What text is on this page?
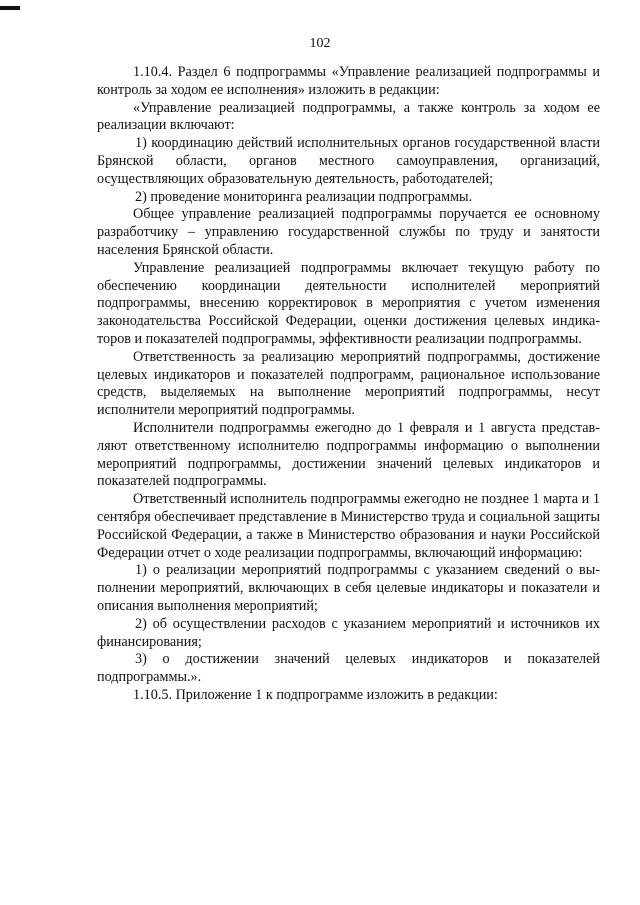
102

1.10.4. Раздел 6 подпрограммы «Управление реализацией подпрограммы и контроль за ходом ее исполнения» изложить в редакции:

«Управление реализацией подпрограммы, а также контроль за ходом ее реализации включают:

1) координацию действий исполнительных органов государственной власти Брянской области, органов местного самоуправления, организаций, осуществляющих образовательную деятельность, работодателей;

2) проведение мониторинга реализации подпрограммы.

Общее управление реализацией подпрограммы поручается ее основному разработчику – управлению государственной службы по труду и занятости населения Брянской области.

Управление реализацией подпрограммы включает текущую работу по обеспечению координации деятельности исполнителей мероприятий подпрограммы, внесению корректировок в мероприятия с учетом изменения законодательства Российской Федерации, оценки достижения целевых индикаторов и показателей подпрограммы, эффективности реализации подпрограммы.

Ответственность за реализацию мероприятий подпрограммы, достижение целевых индикаторов и показателей подпрограмм, рациональное использование средств, выделяемых на выполнение мероприятий подпрограммы, несут исполнители мероприятий подпрограммы.

Исполнители подпрограммы ежегодно до 1 февраля и 1 августа представляют ответственному исполнителю подпрограммы информацию о выполнении мероприятий подпрограммы, достижении значений целевых индикаторов и показателей подпрограммы.

Ответственный исполнитель подпрограммы ежегодно не позднее 1 марта и 1 сентября обеспечивает представление в Министерство труда и социальной защиты Российской Федерации, а также в Министерство образования и науки Российской Федерации отчет о ходе реализации подпрограммы, включающий информацию:

1) о реализации мероприятий подпрограммы с указанием сведений о выполнении мероприятий, включающих в себя целевые индикаторы и показатели и описания выполнения мероприятий;

2) об осуществлении расходов с указанием мероприятий и источников их финансирования;

3) о достижении значений целевых индикаторов и показателей подпрограммы.».

1.10.5. Приложение 1 к подпрограмме изложить в редакции:
